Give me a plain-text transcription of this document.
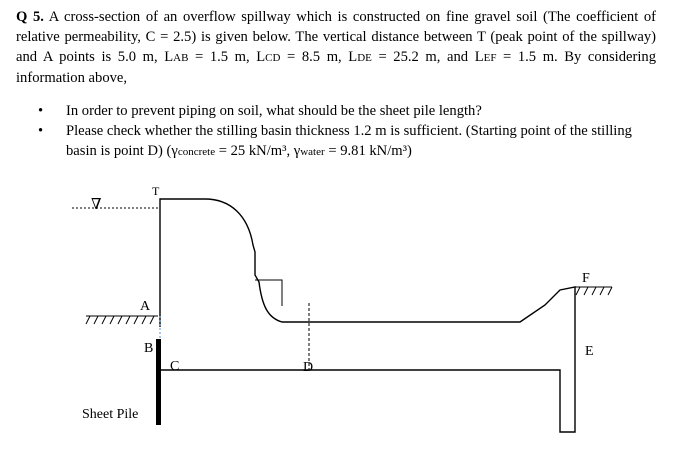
Q 5. A cross-section of an overflow spillway which is constructed on fine gravel soil (The coefficient of relative permeability, C = 2.5) is given below. The vertical distance between T (peak point of the spillway) and A points is 5.0 m, LAB = 1.5 m, LCD = 8.5 m, LDE = 25.2 m, and LEF = 1.5 m. By considering information above,
• In order to prevent piping on soil, what should be the sheet pile length?
• Please check whether the stilling basin thickness 1.2 m is sufficient. (Starting point of the stilling basin is point D) (γconcrete = 25 kN/m³, γwater = 9.81 kN/m³)
∇
T
A
B
C
Sheet Pile
D
F
E
